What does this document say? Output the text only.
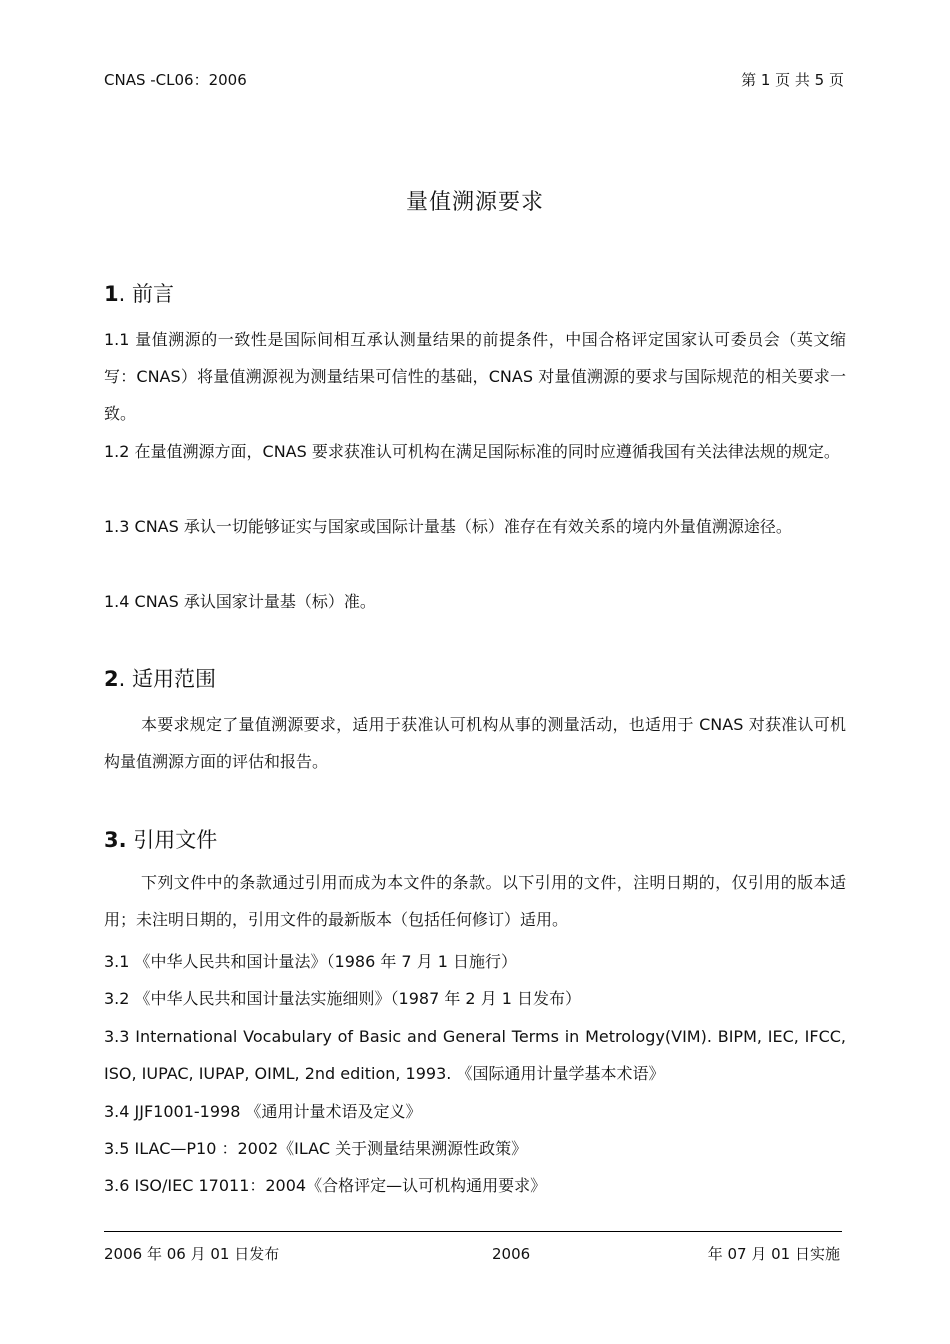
CNAS -CL06：2006	第 1 页 共 5 页
量值溯源要求
1. 前言
1.1 量值溯源的一致性是国际间相互承认测量结果的前提条件，中国合格评定国家认可委员会（英文缩写：CNAS）将量值溯源视为测量结果可信性的基础，CNAS 对量值溯源的要求与国际规范的相关要求一致。
1.2 在量值溯源方面，CNAS 要求获准认可机构在满足国际标准的同时应遵循我国有关法律法规的规定。
1.3 CNAS 承认一切能够证实与国家或国际计量基（标）准存在有效关系的境内外量值溯源途径。
1.4 CNAS 承认国家计量基（标）准。
2. 适用范围
本要求规定了量值溯源要求，适用于获准认可机构从事的测量活动，也适用于 CNAS 对获准认可机构量值溯源方面的评估和报告。
3. 引用文件
下列文件中的条款通过引用而成为本文件的条款。以下引用的文件，注明日期的，仅引用的版本适用；未注明日期的，引用文件的最新版本（包括任何修订）适用。
3.1 《中华人民共和国计量法》（1986 年 7 月 1 日施行）
3.2 《中华人民共和国计量法实施细则》（1987 年 2 月 1 日发布）
3.3 International Vocabulary of Basic and General Terms in Metrology(VIM). BIPM, IEC, IFCC, ISO, IUPAC, IUPAP, OIML, 2nd edition, 1993. 《国际通用计量学基本术语》
3.4 JJF1001-1998 《通用计量术语及定义》
3.5 ILAC—P10 ：2002《ILAC 关于测量结果溯源性政策》
3.6 ISO/IEC 17011：2004《合格评定—认可机构通用要求》
2006 年 06 月 01 日发布	2006	年 07 月 01 日实施
